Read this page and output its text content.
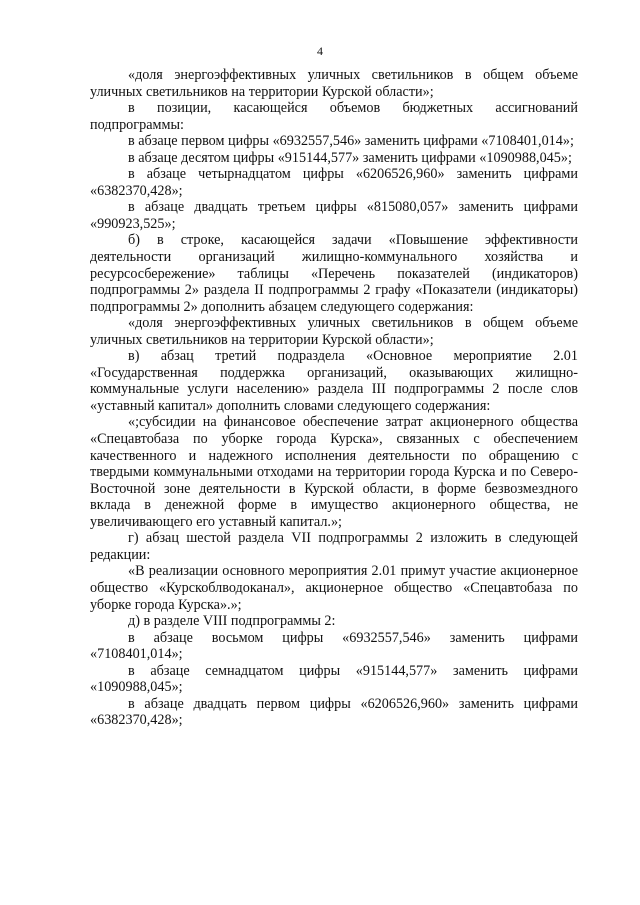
4

«доля энергоэффективных уличных светильников в общем объеме уличных светильников на территории Курской области»;

в позиции, касающейся объемов бюджетных ассигнований подпрограммы:

в абзаце первом цифры «6932557,546» заменить цифрами «7108401,014»;

в абзаце десятом цифры «915144,577» заменить цифрами «1090988,045»;

в абзаце четырнадцатом цифры «6206526,960» заменить цифрами «6382370,428»;

в абзаце двадцать третьем цифры «815080,057» заменить цифрами «990923,525»;

б) в строке, касающейся задачи «Повышение эффективности деятельности организаций жилищно-коммунального хозяйства и ресурсосбережение» таблицы «Перечень показателей (индикаторов) подпрограммы 2» раздела II подпрограммы 2 графу «Показатели (индикаторы) подпрограммы 2» дополнить абзацем следующего содержания:

«доля энергоэффективных уличных светильников в общем объеме уличных светильников на территории Курской области»;

в) абзац третий подраздела «Основное мероприятие 2.01 «Государственная поддержка организаций, оказывающих жилищно-коммунальные услуги населению» раздела III подпрограммы 2 после слов «уставный капитал» дополнить словами следующего содержания:

«;субсидии на финансовое обеспечение затрат акционерного общества «Спецавтобаза по уборке города Курска», связанных с обеспечением качественного и надежного исполнения деятельности по обращению с твердыми коммунальными отходами на территории города Курска и по Северо-Восточной зоне деятельности в Курской области, в форме безвозмездного вклада в денежной форме в имущество акционерного общества, не увеличивающего его уставный капитал.»;

г) абзац шестой раздела VII подпрограммы 2 изложить в следующей редакции:

«В реализации основного мероприятия 2.01 примут участие акционерное общество «Курскоблводоканал», акционерное общество «Спецавтобаза по уборке города Курска».»;

д) в разделе VIII подпрограммы 2:

в абзаце восьмом цифры «6932557,546» заменить цифрами «7108401,014»;

в абзаце семнадцатом цифры «915144,577» заменить цифрами «1090988,045»;

в абзаце двадцать первом цифры «6206526,960» заменить цифрами «6382370,428»;
